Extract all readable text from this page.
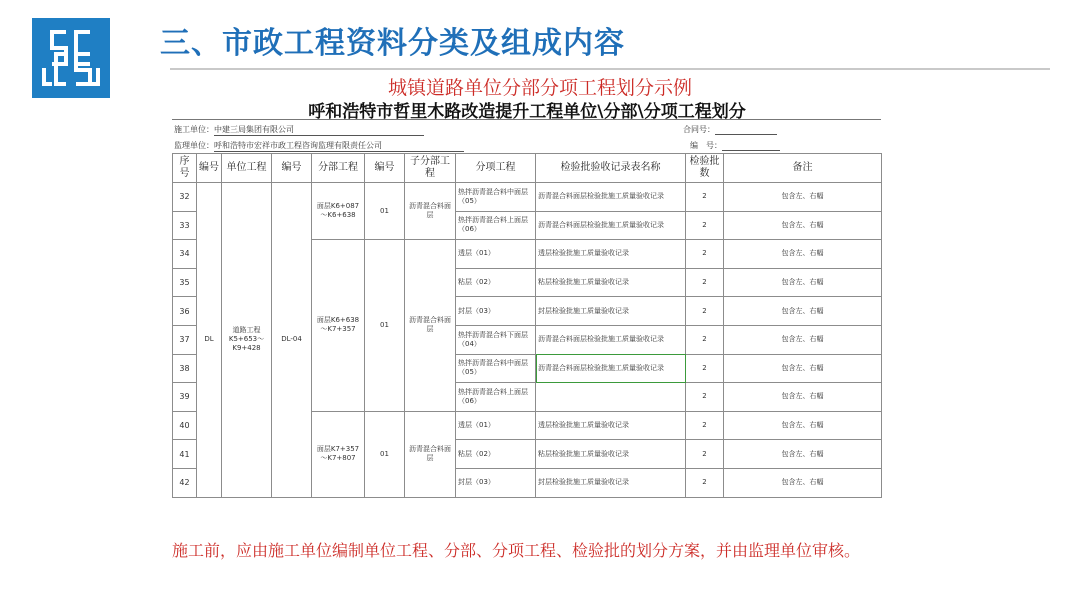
三、市政工程资料分类及组成内容
城镇道路单位分部分项工程划分示例
呼和浩特市哲里木路改造提升工程单位\分部\分项工程划分
施工单位：中建三局集团有限公司	合同号：
监理单位：呼和浩特市宏祥市政工程咨询监理有限责任公司	编　号：
序号	编号	单位工程	编号	分部工程	编号	子分部工程	分项工程	检验批验收记录表名称	检验批数	备注
32	DL	道路工程K5+653～K9+428	DL-04	面层K6+087～K6+638	01	沥青混合料面层	热拌沥青混合料中面层（05）	沥青混合料面层检验批施工质量验收记录	2	包含左、右幅
33							热拌沥青混合料上面层（06）	沥青混合料面层检验批施工质量验收记录	2	包含左、右幅
34				面层K6+638～K7+357	01	沥青混合料面层	透层（01）	透层检验批施工质量验收记录	2	包含左、右幅
35							粘层（02）	粘层检验批施工质量验收记录	2	包含左、右幅
36							封层（03）	封层检验批施工质量验收记录	2	包含左、右幅
37							热拌沥青混合料下面层（04）	沥青混合料面层检验批施工质量验收记录	2	包含左、右幅
38							热拌沥青混合料中面层（05）	沥青混合料面层检验批施工质量验收记录	2	包含左、右幅
39							热拌沥青混合料上面层（06）		2	包含左、右幅
40				面层K7+357～K7+807	01	沥青混合料面层	透层（01）	透层检验批施工质量验收记录	2	包含左、右幅
41							粘层（02）	粘层检验批施工质量验收记录	2	包含左、右幅
42							封层（03）	封层检验批施工质量验收记录	2	包含左、右幅
施工前，应由施工单位编制单位工程、分部、分项工程、检验批的划分方案，并由监理单位审核。
